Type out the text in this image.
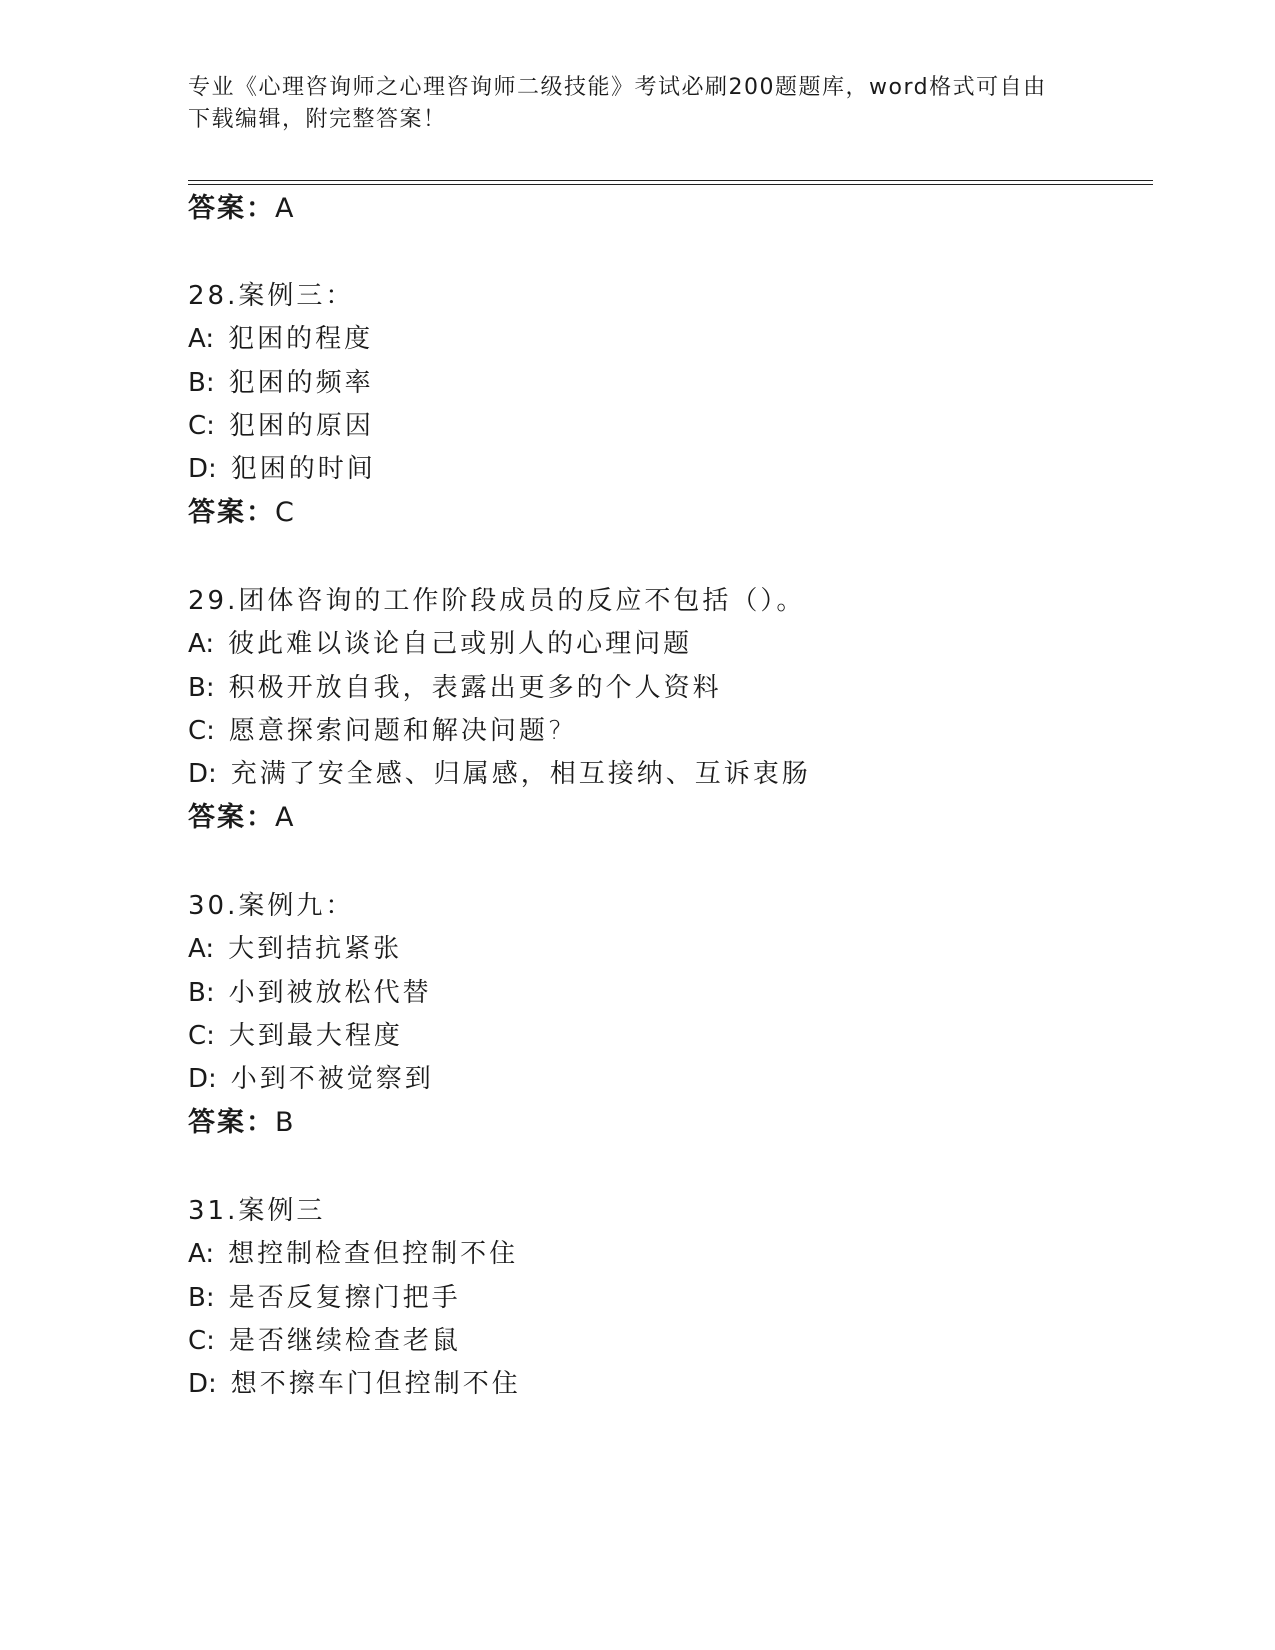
专业《心理咨询师之心理咨询师二级技能》考试必刷200题题库，word格式可自由下载编辑，附完整答案！
答案：A
28.案例三：
A: 犯困的程度
B: 犯困的频率
C: 犯困的原因
D: 犯困的时间
答案：C
29.团体咨询的工作阶段成员的反应不包括（）。
A: 彼此难以谈论自己或别人的心理问题
B: 积极开放自我，表露出更多的个人资料
C: 愿意探索问题和解决问题?
D: 充满了安全感、归属感，相互接纳、互诉衷肠
答案：A
30.案例九：
A: 大到拮抗紧张
B: 小到被放松代替
C: 大到最大程度
D: 小到不被觉察到
答案：B
31.案例三
A: 想控制检查但控制不住
B: 是否反复擦门把手
C: 是否继续检查老鼠
D: 想不擦车门但控制不住
